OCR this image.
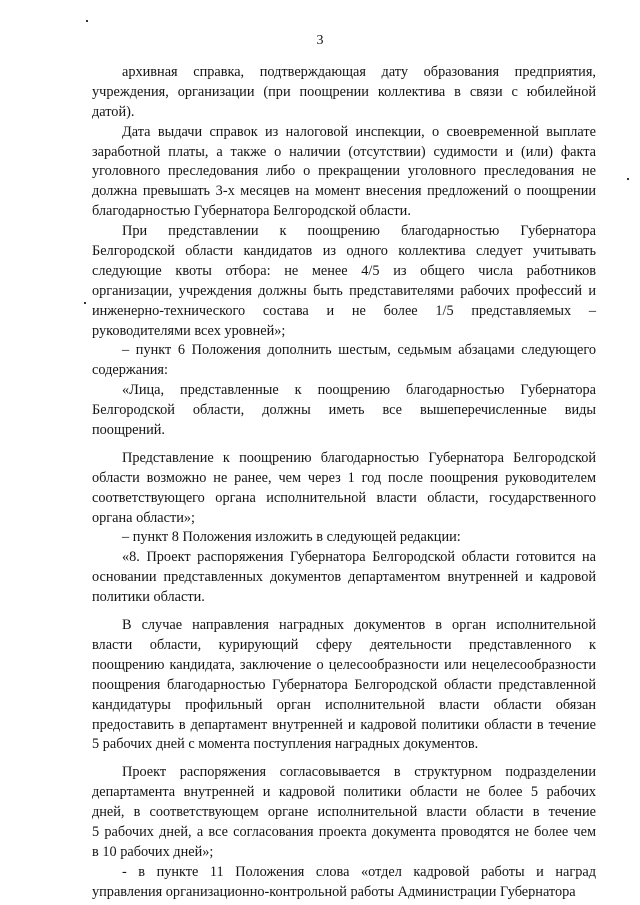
3
архивная справка, подтверждающая дату образования предприятия,
учреждения, организации (при поощрении коллектива в связи с юбилейной
датой).
Дата выдачи справок из налоговой инспекции, о своевременной выплате
заработной платы, а также о наличии (отсутствии) судимости и (или) факта
уголовного преследования либо о прекращении уголовного преследования не
должна превышать 3-х месяцев на момент внесения предложений о поощрении
благодарностью Губернатора Белгородской области.
При представлении к поощрению благодарностью Губернатора
Белгородской области кандидатов из одного коллектива следует учитывать
следующие квоты отбора: не менее 4/5 из общего числа работников
организации, учреждения должны быть представителями рабочих профессий и
инженерно-технического состава и не более 1/5 представляемых –
руководителями всех уровней»;
– пункт 6 Положения дополнить шестым, седьмым абзацами следующего
содержания:
«Лица, представленные к поощрению благодарностью Губернатора
Белгородской области, должны иметь все вышеперечисленные виды
поощрений.
Представление к поощрению благодарностью Губернатора Белгородской
области возможно не ранее, чем через 1 год после поощрения руководителем
соответствующего органа исполнительной власти области, государственного
органа области»;
– пункт 8 Положения изложить в следующей редакции:
«8. Проект распоряжения Губернатора Белгородской области готовится на
основании представленных документов департаментом внутренней и кадровой
политики области.
В случае направления наградных документов в орган исполнительной
власти области, курирующий сферу деятельности представленного к
поощрению кандидата, заключение о целесообразности или нецелесообразности
поощрения благодарностью Губернатора Белгородской области представленной
кандидатуры профильный орган исполнительной власти области обязан
предоставить в департамент внутренней и кадровой политики области в течение
5 рабочих дней с момента поступления наградных документов.
Проект распоряжения согласовывается в структурном подразделении
департамента внутренней и кадровой политики области не более 5 рабочих
дней, в соответствующем органе исполнительной власти области в течение
5 рабочих дней, а все согласования проекта документа проводятся не более чем
в 10 рабочих дней»;
- в пункте 11 Положения слова «отдел кадровой работы и наград
управления организационно-контрольной работы Администрации Губернатора
